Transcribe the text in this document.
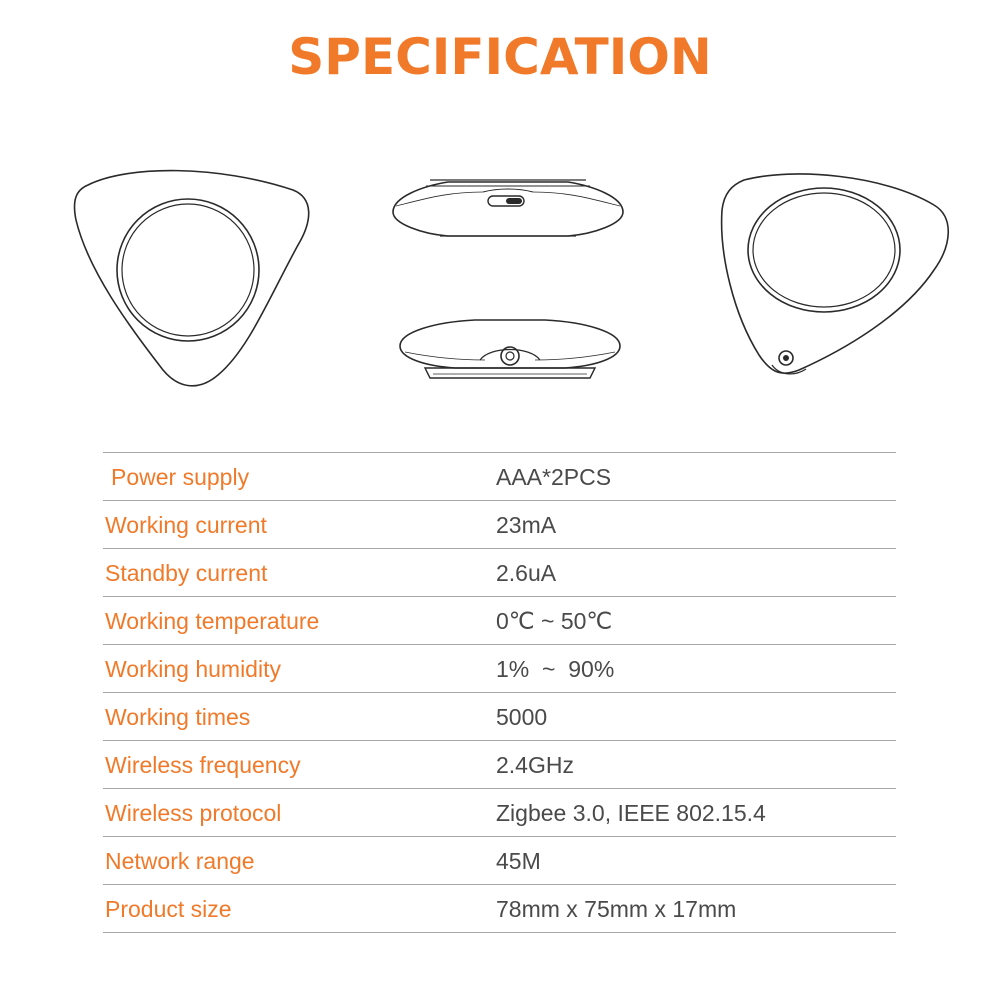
SPECIFICATION
Power supply	AAA*2PCS
Working current	23mA
Standby current	2.6uA
Working temperature	0℃ ~ 50℃
Working humidity	1%  ~  90%
Working times	5000
Wireless frequency	2.4GHz
Wireless protocol	Zigbee 3.0, IEEE 802.15.4
Network range	45M
Product size	78mm x 75mm x 17mm
